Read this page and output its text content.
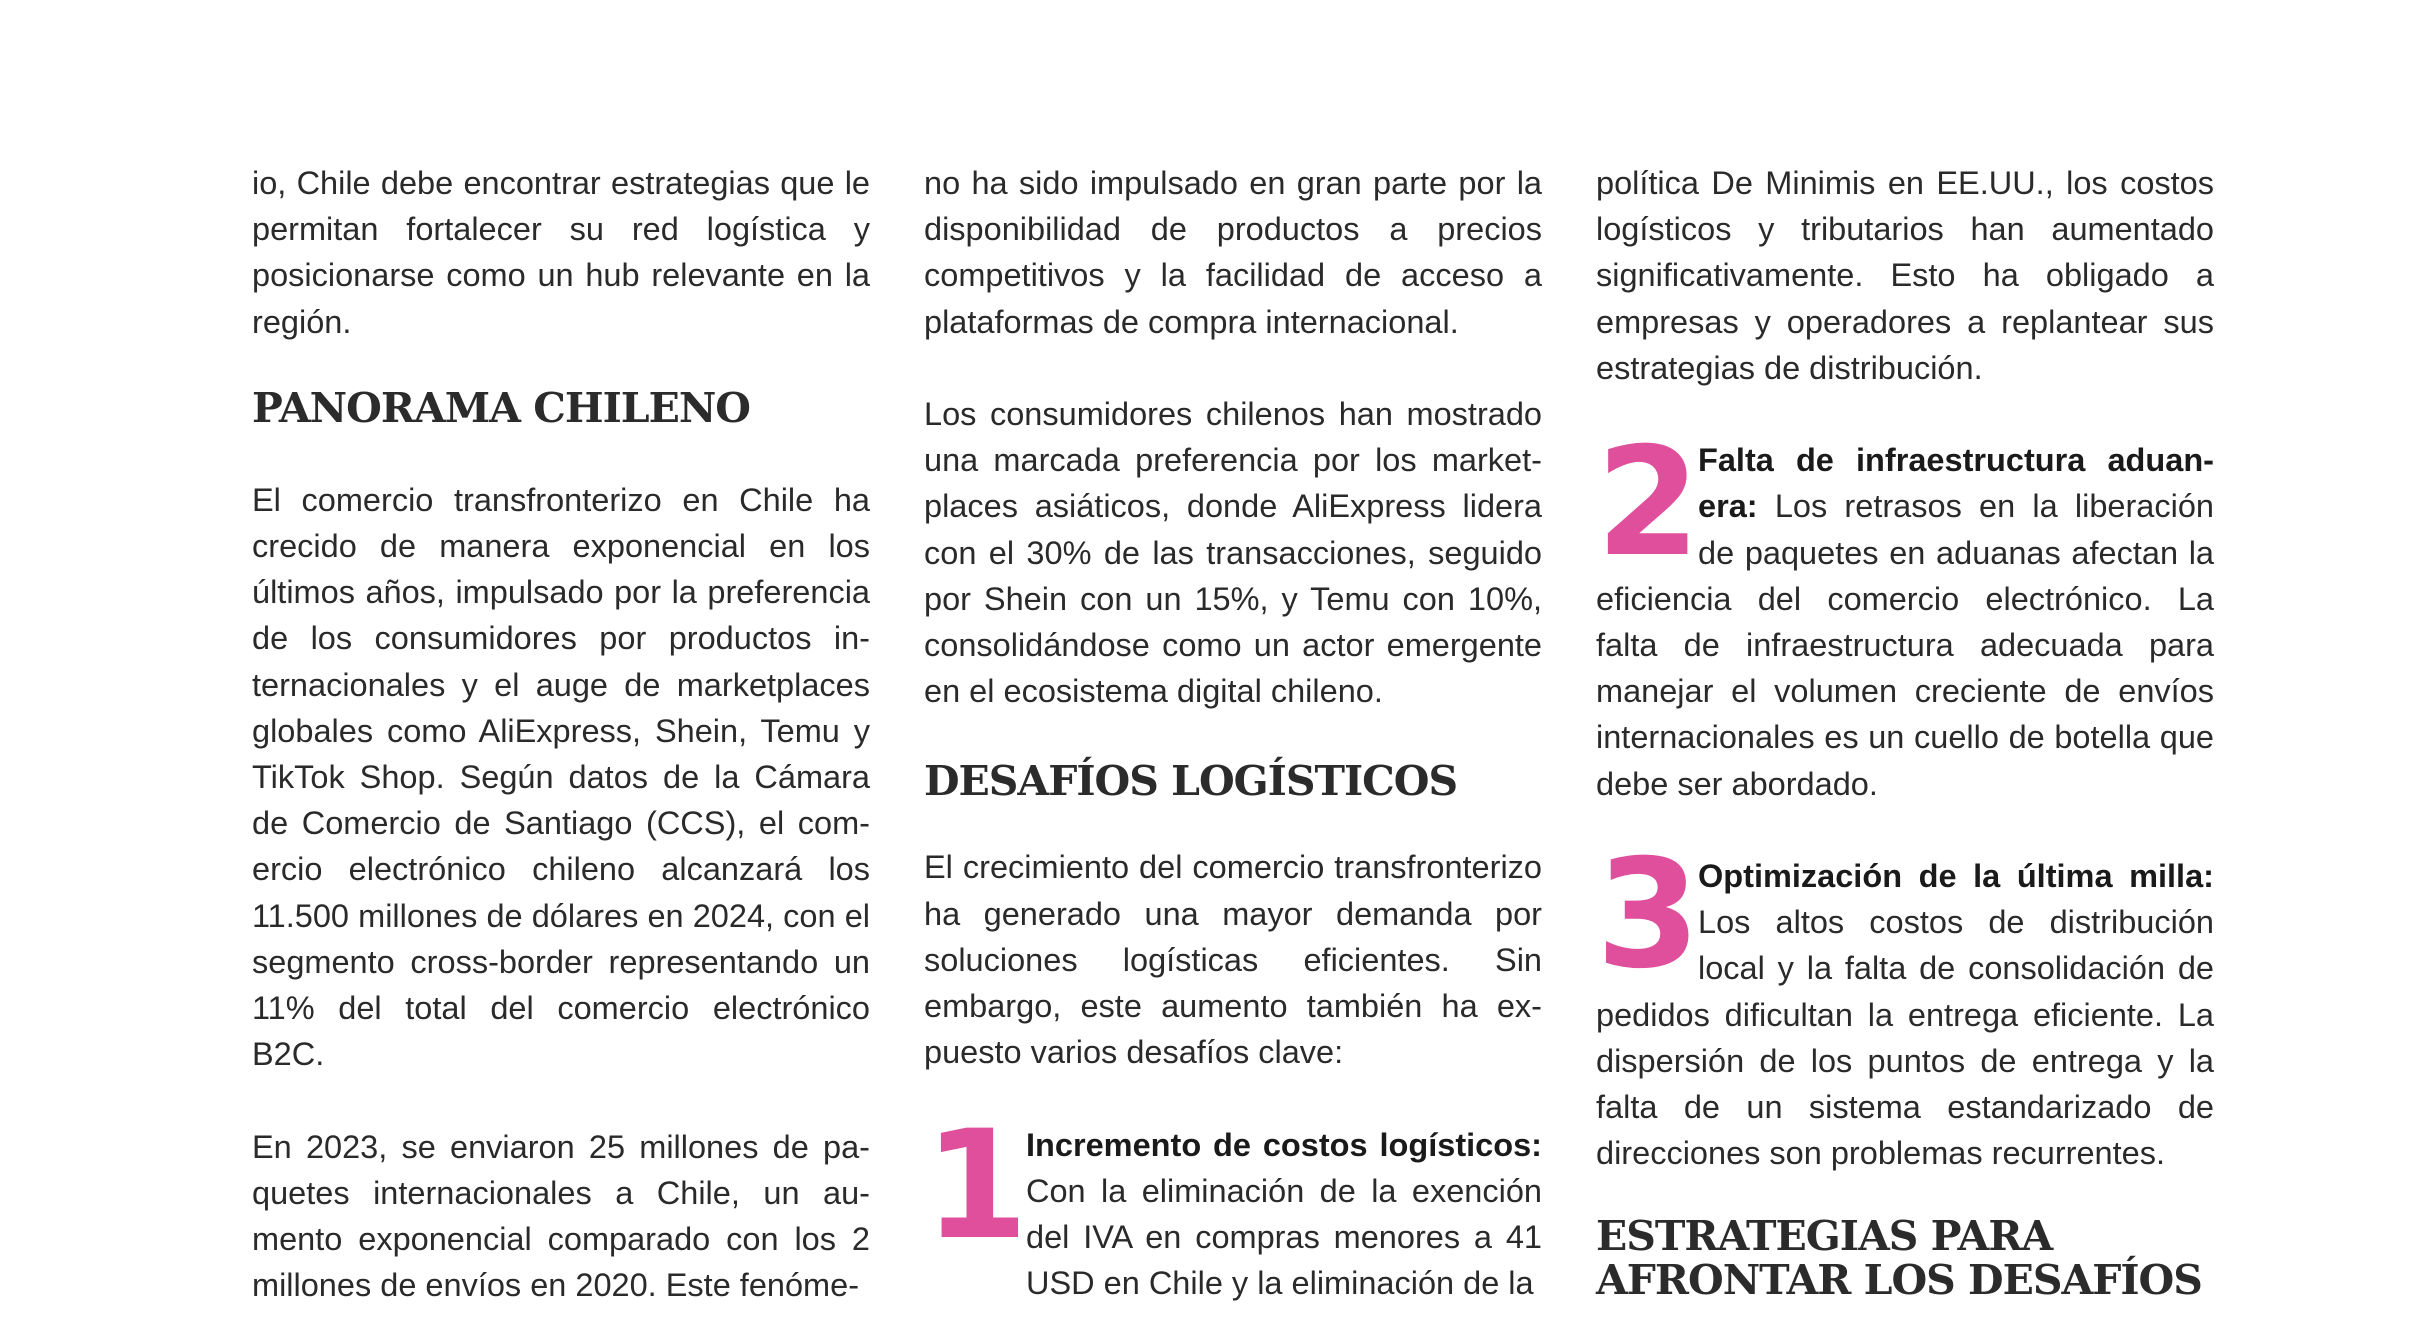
io, Chile debe encontrar estrategias que le permitan fortalecer su red logística y posicionarse como un hub relevante en la región.

PANORAMA CHILENO

El comercio transfronterizo en Chile ha crecido de manera exponencial en los últimos años, impulsado por la preferencia de los consumidores por productos internacionales y el auge de marketplaces globales como AliExpress, Shein, Temu y TikTok Shop. Según datos de la Cámara de Comercio de Santiago (CCS), el comercio electrónico chileno alcanzará los 11.500 millones de dólares en 2024, con el segmento cross-border representando un 11% del total del comercio electrónico B2C.

En 2023, se enviaron 25 millones de paquetes internacionales a Chile, un aumento exponencial comparado con los 2 millones de envíos en 2020. Este fenóme-

no ha sido impulsado en gran parte por la disponibilidad de productos a precios competitivos y la facilidad de acceso a plataformas de compra internacional.

Los consumidores chilenos han mostrado una marcada preferencia por los marketplaces asiáticos, donde AliExpress lidera con el 30% de las transacciones, seguido por Shein con un 15%, y Temu con 10%, consolidándose como un actor emergente en el ecosistema digital chileno.

DESAFÍOS LOGÍSTICOS

El crecimiento del comercio transfronterizo ha generado una mayor demanda por soluciones logísticas eficientes. Sin embargo, este aumento también ha expuesto varios desafíos clave:

1
Incremento de costos logísticos: Con la eliminación de la exención del IVA en compras menores a 41 USD en Chile y la eliminación de la

política De Minimis en EE.UU., los costos logísticos y tributarios han aumentado significativamente. Esto ha obligado a empresas y operadores a replantear sus estrategias de distribución.

2
Falta de infraestructura aduanera: Los retrasos en la liberación de paquetes en aduanas afectan la eficiencia del comercio electrónico. La falta de infraestructura adecuada para manejar el volumen creciente de envíos internacionales es un cuello de botella que debe ser abordado.

3
Optimización de la última milla: Los altos costos de distribución local y la falta de consolidación de pedidos dificultan la entrega eficiente. La dispersión de los puntos de entrega y la falta de un sistema estandarizado de direcciones son problemas recurrentes.

ESTRATEGIAS PARA AFRONTAR LOS DESAFÍOS
